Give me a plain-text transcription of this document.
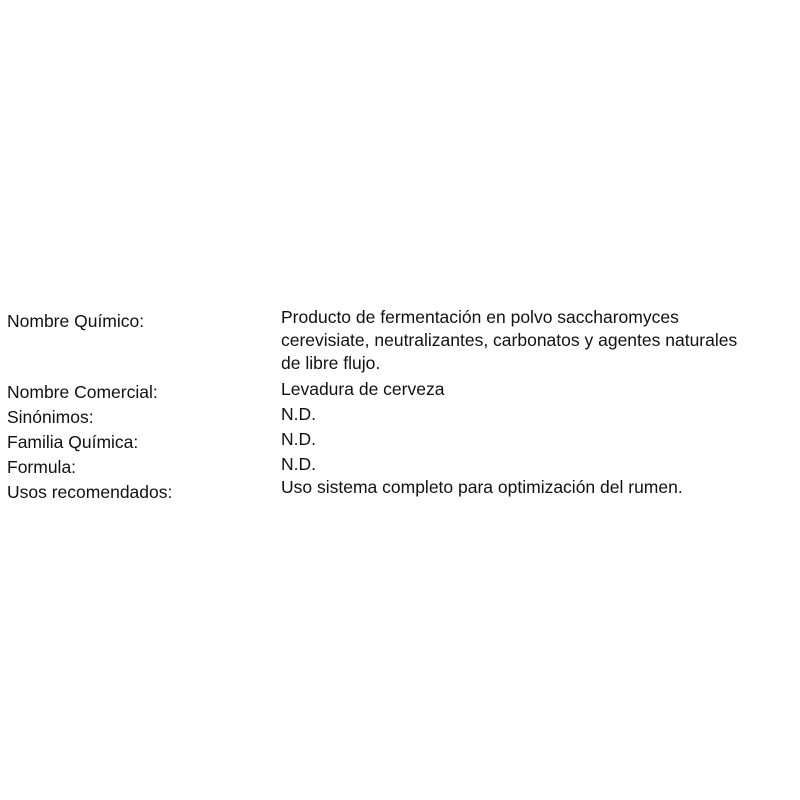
Nombre Químico:	Producto de fermentación en polvo saccharomyces
cerevisiate, neutralizantes, carbonatos y agentes naturales
de libre flujo.
Nombre Comercial:	Levadura de cerveza
Sinónimos:	N.D.
Familia Química:	N.D.
Formula:	N.D.
Usos recomendados:	Uso sistema completo para optimización del rumen.
